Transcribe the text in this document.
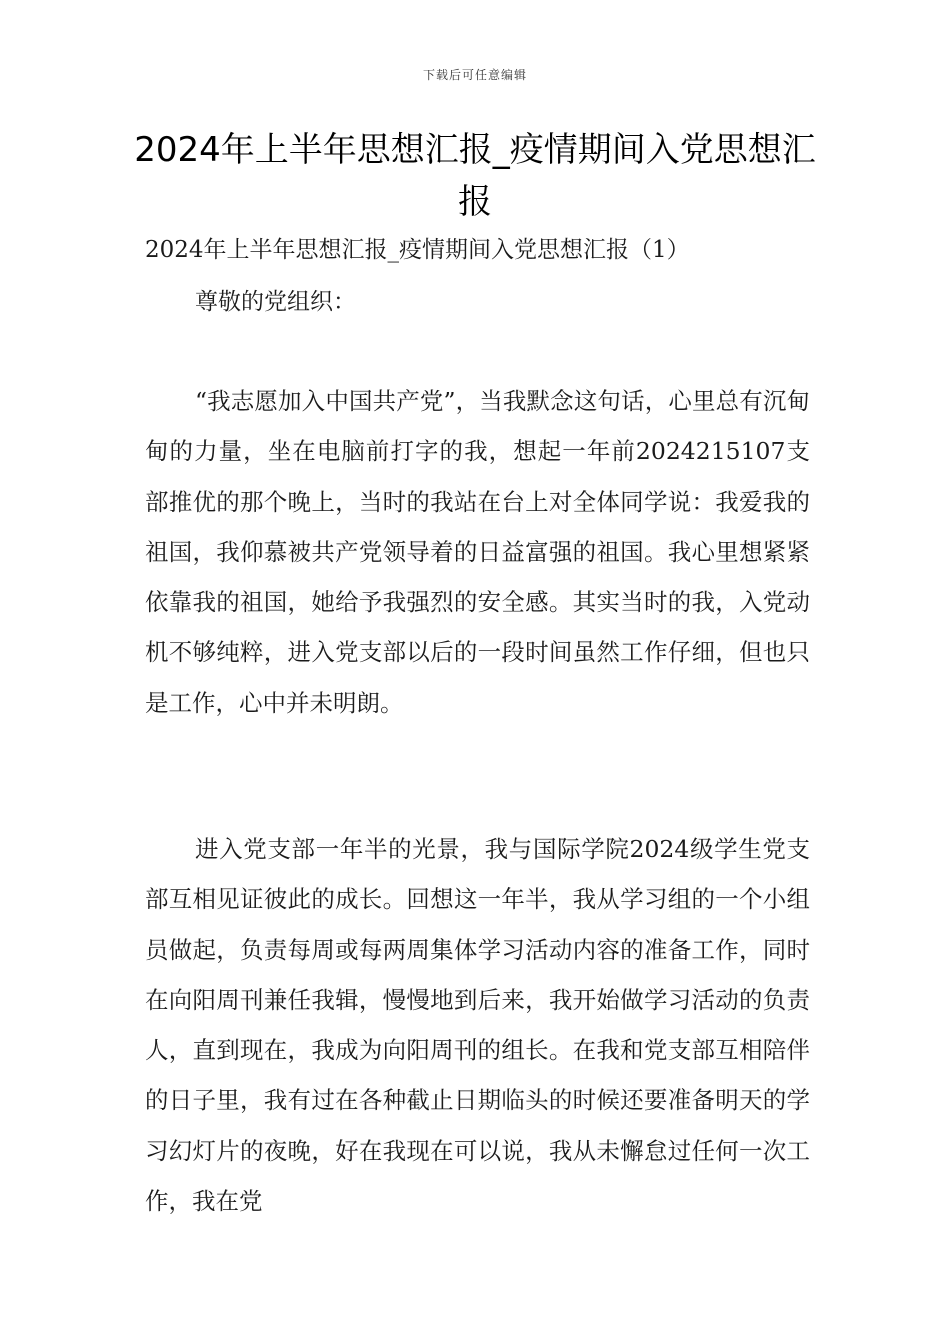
下载后可任意编辑
2024年上半年思想汇报_疫情期间入党思想汇报
2024年上半年思想汇报_疫情期间入党思想汇报（1）
尊敬的党组织：

“我志愿加入中国共产党”，当我默念这句话，心里总有沉甸甸的力量，坐在电脑前打字的我，想起一年前2024215107支部推优的那个晚上，当时的我站在台上对全体同学说：我爱我的祖国，我仰慕被共产党领导着的日益富强的祖国。我心里想紧紧依靠我的祖国，她给予我强烈的安全感。其实当时的我，入党动机不够纯粹，进入党支部以后的一段时间虽然工作仔细，但也只是工作，心中并未明朗。

进入党支部一年半的光景，我与国际学院2024级学生党支部互相见证彼此的成长。回想这一年半，我从学习组的一个小组员做起，负责每周或每两周集体学习活动内容的准备工作，同时在向阳周刊兼任我辑，慢慢地到后来，我开始做学习活动的负责人，直到现在，我成为向阳周刊的组长。在我和党支部互相陪伴的日子里，我有过在各种截止日期临头的时候还要准备明天的学习幻灯片的夜晚，好在我现在可以说，我从未懈怠过任何一次工作，我在党
